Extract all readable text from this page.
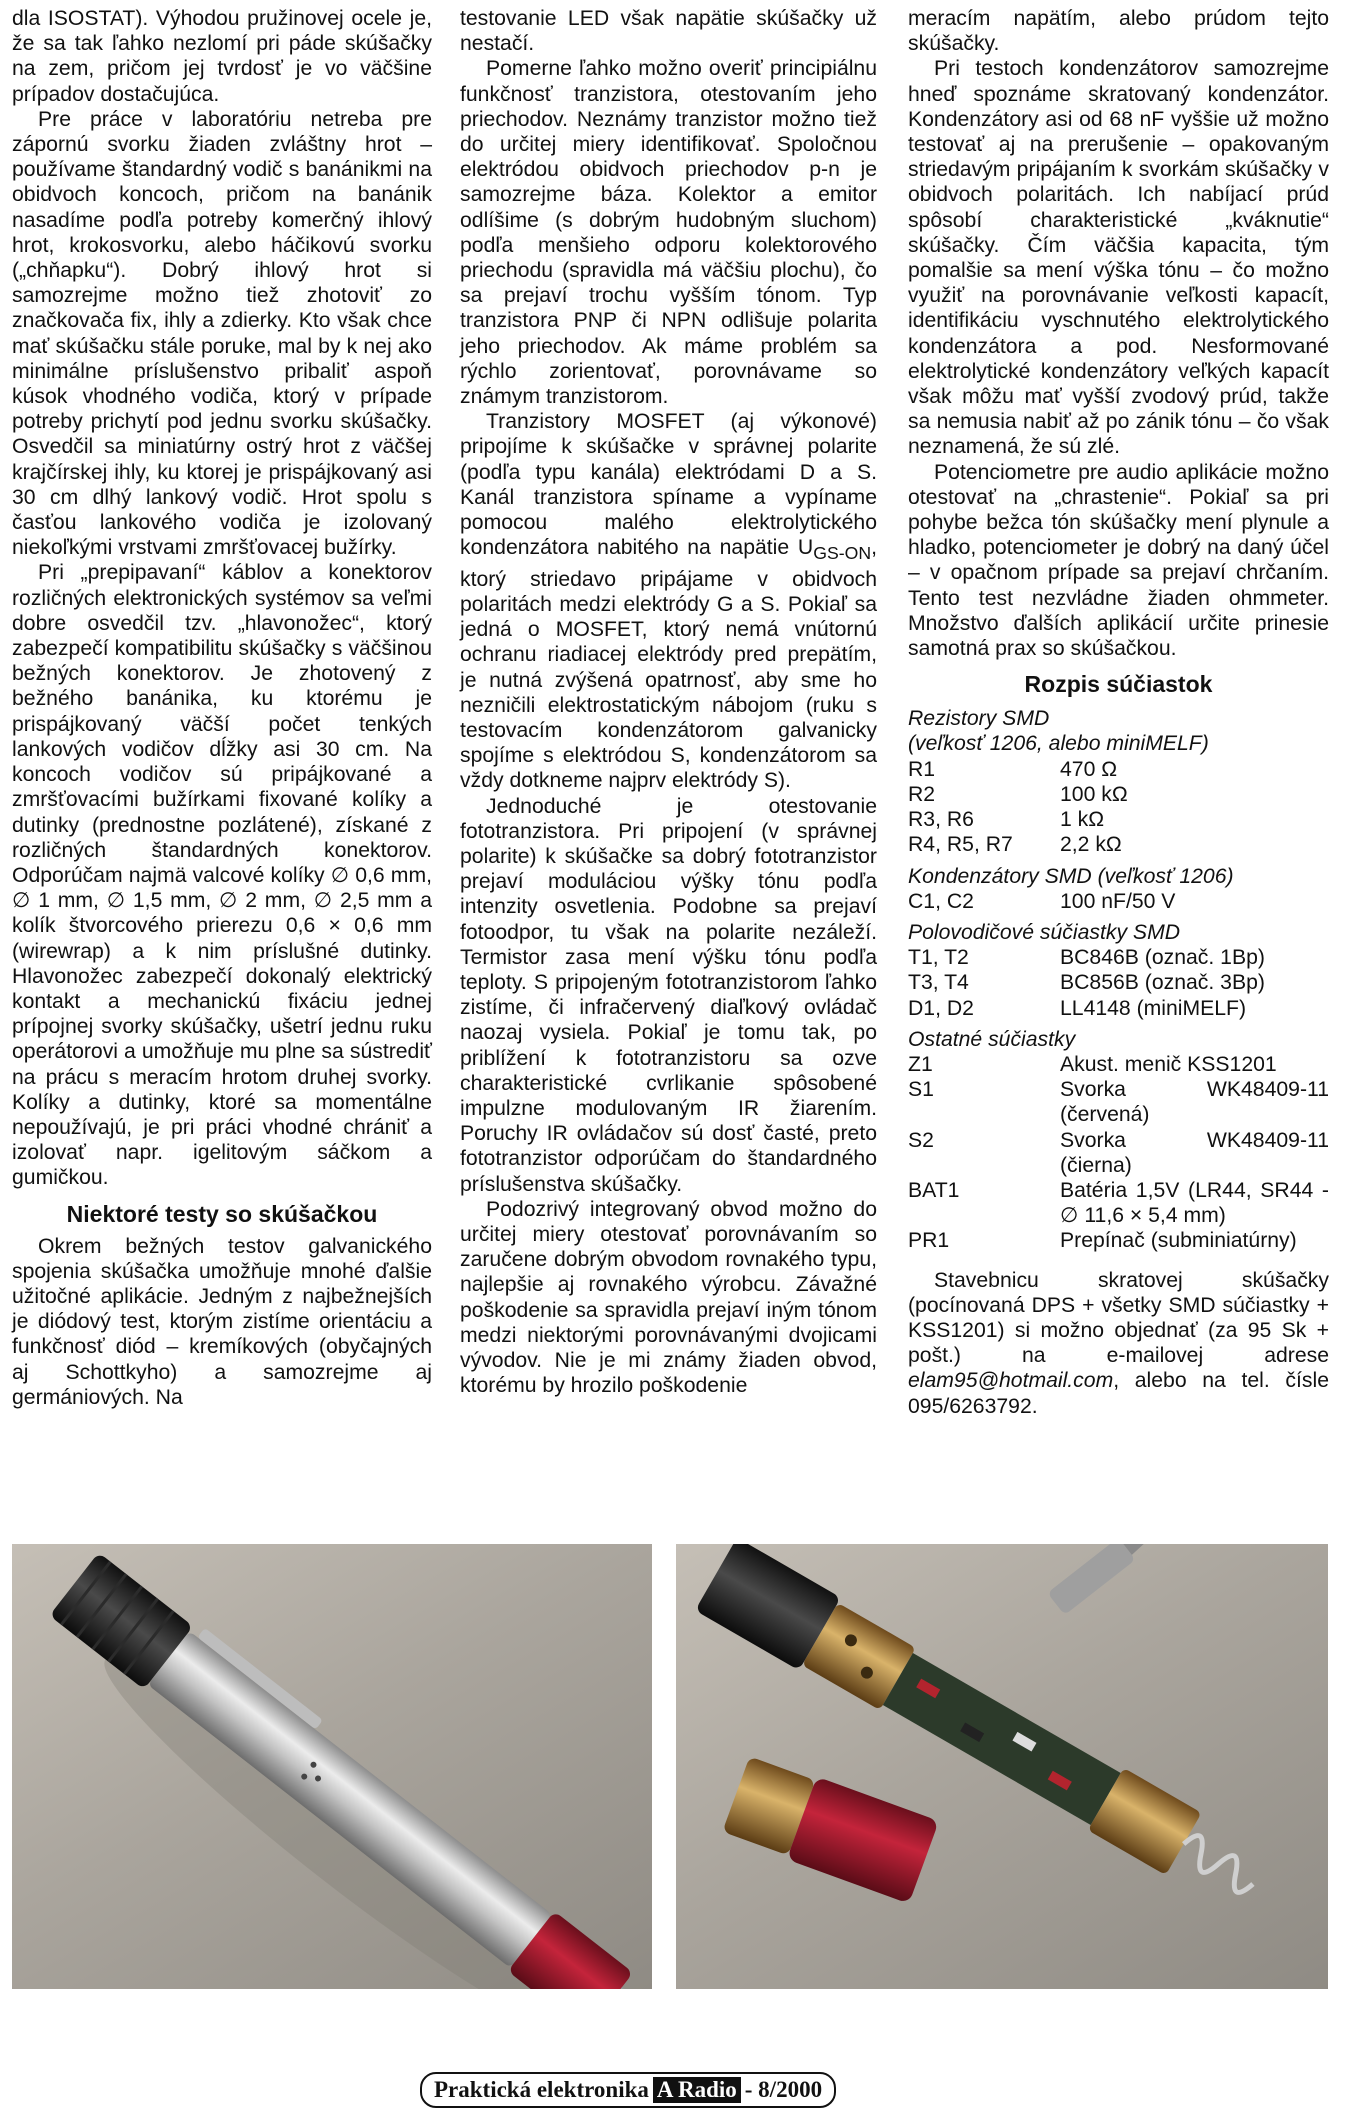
dla ISOSTAT). Výhodou pružinovej ocele je, že sa tak ľahko nezlomí pri páde skúšačky na zem, pričom jej tvrdosť je vo väčšine prípadov dostačujúca.

Pre práce v laboratóriu netreba pre zápornú svorku žiaden zvláštny hrot – používame štandardný vodič s banánikmi na obidvoch koncoch, pričom na banánik nasadíme podľa potreby komerčný ihlový hrot, krokosvorku, alebo háčikovú svorku („chňapku“). Dobrý ihlový hrot si samozrejme možno tiež zhotoviť zo značkovača fix, ihly a zdierky. Kto však chce mať skúšačku stále poruke, mal by k nej ako minimálne príslušenstvo pribaliť aspoň kúsok vhodného vodiča, ktorý v prípade potreby prichytí pod jednu svorku skúšačky. Osvedčil sa miniatúrny ostrý hrot z väčšej krajčírskej ihly, ku ktorej je prispájkovaný asi 30 cm dlhý lankový vodič. Hrot spolu s časťou lankového vodiča je izolovaný niekoľkými vrstvami zmršťovacej bužírky.

Pri „prepipavaní“ káblov a konektorov rozličných elektronických systémov sa veľmi dobre osvedčil tzv. „hlavonožec“, ktorý zabezpečí kompatibilitu skúšačky s väčšinou bežných konektorov. Je zhotovený z bežného banánika, ku ktorému je prispájkovaný väčší počet tenkých lankových vodičov dĺžky asi 30 cm. Na koncoch vodičov sú pripájkované a zmršťovacími bužírkami fixované kolíky a dutinky (prednostne pozlátené), získané z rozličných štandardných konektorov. Odporúčam najmä valcové kolíky ∅ 0,6 mm, ∅ 1 mm, ∅ 1,5 mm, ∅ 2 mm, ∅ 2,5 mm a kolík štvorcového prierezu 0,6 × 0,6 mm (wirewrap) a k nim príslušné dutinky. Hlavonožec zabezpečí dokonalý elektrický kontakt a mechanickú fixáciu jednej prípojnej svorky skúšačky, ušetrí jednu ruku operátorovi a umožňuje mu plne sa sústrediť na prácu s meracím hrotom druhej svorky. Kolíky a dutinky, ktoré sa momentálne nepoužívajú, je pri práci vhodné chrániť a izolovať napr. igelitovým sáčkom a gumičkou.

Niektoré testy so skúšačkou

Okrem bežných testov galvanického spojenia skúšačka umožňuje mnohé ďalšie užitočné aplikácie. Jedným z najbežnejších je diódový test, ktorým zistíme orientáciu a funkčnosť diód – kremíkových (obyčajných aj Schottkyho) a samozrejme aj germániových. Na

testovanie LED však napätie skúšačky už nestačí.

Pomerne ľahko možno overiť principiálnu funkčnosť tranzistora, otestovaním jeho priechodov. Neznámy tranzistor možno tiež do určitej miery identifikovať. Spoločnou elektródou obidvoch priechodov p-n je samozrejme báza. Kolektor a emitor odlíšime (s dobrým hudobným sluchom) podľa menšieho odporu kolektorového priechodu (spravidla má väčšiu plochu), čo sa prejaví trochu vyšším tónom. Typ tranzistora PNP či NPN odlišuje polarita jeho priechodov. Ak máme problém sa rýchlo zorientovať, porovnávame so známym tranzistorom.

Tranzistory MOSFET (aj výkonové) pripojíme k skúšačke v správnej polarite (podľa typu kanála) elektródami D a S. Kanál tranzistora spíname a vypíname pomocou malého elektrolytického kondenzátora nabitého na napätie $U_{GS-ON}$, ktorý striedavo pripájame v obidvoch polaritách medzi elektródy G a S. Pokiaľ sa jedná o MOSFET, ktorý nemá vnútornú ochranu riadiacej elektródy pred prepätím, je nutná zvýšená opatrnosť, aby sme ho nezničili elektrostatickým nábojom (ruku s testovacím kondenzátorom galvanicky spojíme s elektródou S, kondenzátorom sa vždy dotkneme najprv elektródy S).

Jednoduché je otestovanie fototranzistora. Pri pripojení (v správnej polarite) k skúšačke sa dobrý fototranzistor prejaví moduláciou výšky tónu podľa intenzity osvetlenia. Podobne sa prejaví fotoodpor, tu však na polarite nezáleží. Termistor zasa mení výšku tónu podľa teploty. S pripojeným fototranzistorom ľahko zistíme, či infračervený diaľkový ovládač naozaj vysiela. Pokiaľ je tomu tak, po priblížení k fototranzistoru sa ozve charakteristické cvrlikanie spôsobené impulzne modulovaným IR žiarením. Poruchy IR ovládačov sú dosť časté, preto fototranzistor odporúčam do štandardného príslušenstva skúšačky.

Podozrivý integrovaný obvod možno do určitej miery otestovať porovnávaním so zaručene dobrým obvodom rovnakého typu, najlepšie aj rovnakého výrobcu. Závažné poškodenie sa spravidla prejaví iným tónom medzi niektorými porovnávanými dvojicami vývodov. Nie je mi známy žiaden obvod, ktorému by hrozilo poškodenie

meracím napätím, alebo prúdom tejto skúšačky.

Pri testoch kondenzátorov samozrejme hneď spoznáme skratovaný kondenzátor. Kondenzátory asi od 68 nF vyššie už možno testovať aj na prerušenie – opakovaným striedavým pripájaním k svorkám skúšačky v obidvoch polaritách. Ich nabíjací prúd spôsobí charakteristické „kváknutie“ skúšačky. Čím väčšia kapacita, tým pomalšie sa mení výška tónu – čo možno využiť na porovnávanie veľkosti kapacít, identifikáciu vyschnutého elektrolytického kondenzátora a pod. Nesformované elektrolytické kondenzátory veľkých kapacít však môžu mať vyšší zvodový prúd, takže sa nemusia nabiť až po zánik tónu – čo však neznamená, že sú zlé.

Potenciometre pre audio aplikácie možno otestovať na „chrastenie“. Pokiaľ sa pri pohybe bežca tón skúšačky mení plynule a hladko, potenciometer je dobrý na daný účel – v opačnom prípade sa prejaví chrčaním. Tento test nezvládne žiaden ohmmeter. Množstvo ďalších aplikácií určite prinesie samotná prax so skúšačkou.

Rozpis súčiastok
Rezistory SMD
(veľkosť 1206, alebo miniMELF)
R1	470 Ω
R2	100 kΩ
R3, R6	1 kΩ
R4, R5, R7	2,2 kΩ
Kondenzátory SMD (veľkosť 1206)
C1, C2	100 nF/50 V
Polovodičové súčiastky SMD
T1, T2	BC846B (označ. 1Bp)
T3, T4	BC856B (označ. 3Bp)
D1, D2	LL4148 (miniMELF)
Ostatné súčiastky
Z1	Akust. menič KSS1201
S1	Svorka WK48409-11 (červená)
S2	Svorka WK48409-11 (čierna)
BAT1	Batéria 1,5V (LR44, SR44 - ∅ 11,6 × 5,4 mm)
PR1	Prepínač (subminiatúrny)

Stavebnicu skratovej skúšačky (pocínovaná DPS + všetky SMD súčiastky + KSS1201) si možno objednať (za 95 Sk + pošt.) na e-mailovej adrese elam95@hotmail.com, alebo na tel. čísle 095/6263792.

Praktická elektronika A Radio - 8/2000
